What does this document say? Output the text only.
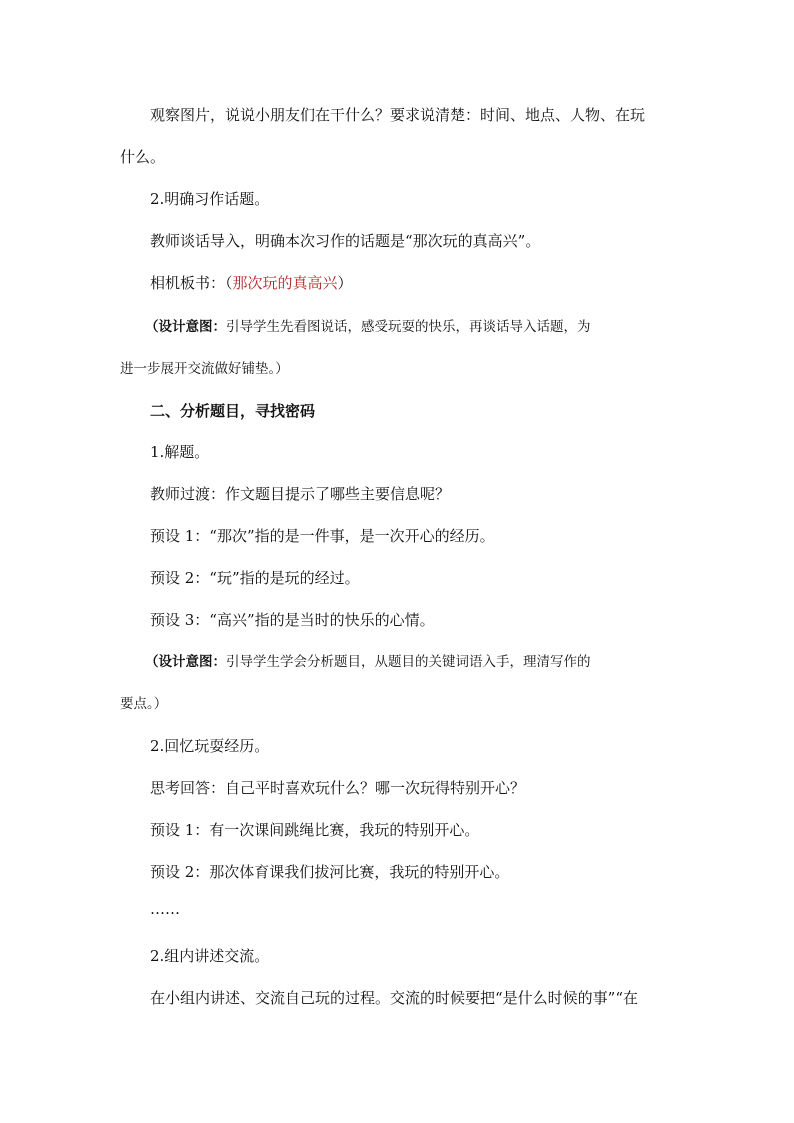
观察图片，说说小朋友们在干什么？要求说清楚：时间、地点、人物、在玩
什么。
2.明确习作话题。
教师谈话导入，明确本次习作的话题是“那次玩的真高兴”。
相机板书：（那次玩的真高兴）
（设计意图：引导学生先看图说话，感受玩耍的快乐，再谈话导入话题，为
进一步展开交流做好铺垫。）
二、分析题目，寻找密码
1.解题。
教师过渡：作文题目提示了哪些主要信息呢？
预设 1：“那次”指的是一件事，是一次开心的经历。
预设 2：“玩”指的是玩的经过。
预设 3：“高兴”指的是当时的快乐的心情。
（设计意图：引导学生学会分析题目，从题目的关键词语入手，理清写作的
要点。）
2.回忆玩耍经历。
思考回答：自己平时喜欢玩什么？哪一次玩得特别开心？
预设 1：有一次课间跳绳比赛，我玩的特别开心。
预设 2：那次体育课我们拔河比赛，我玩的特别开心。
……
2.组内讲述交流。
在小组内讲述、交流自己玩的过程。交流的时候要把“是什么时候的事”“在
